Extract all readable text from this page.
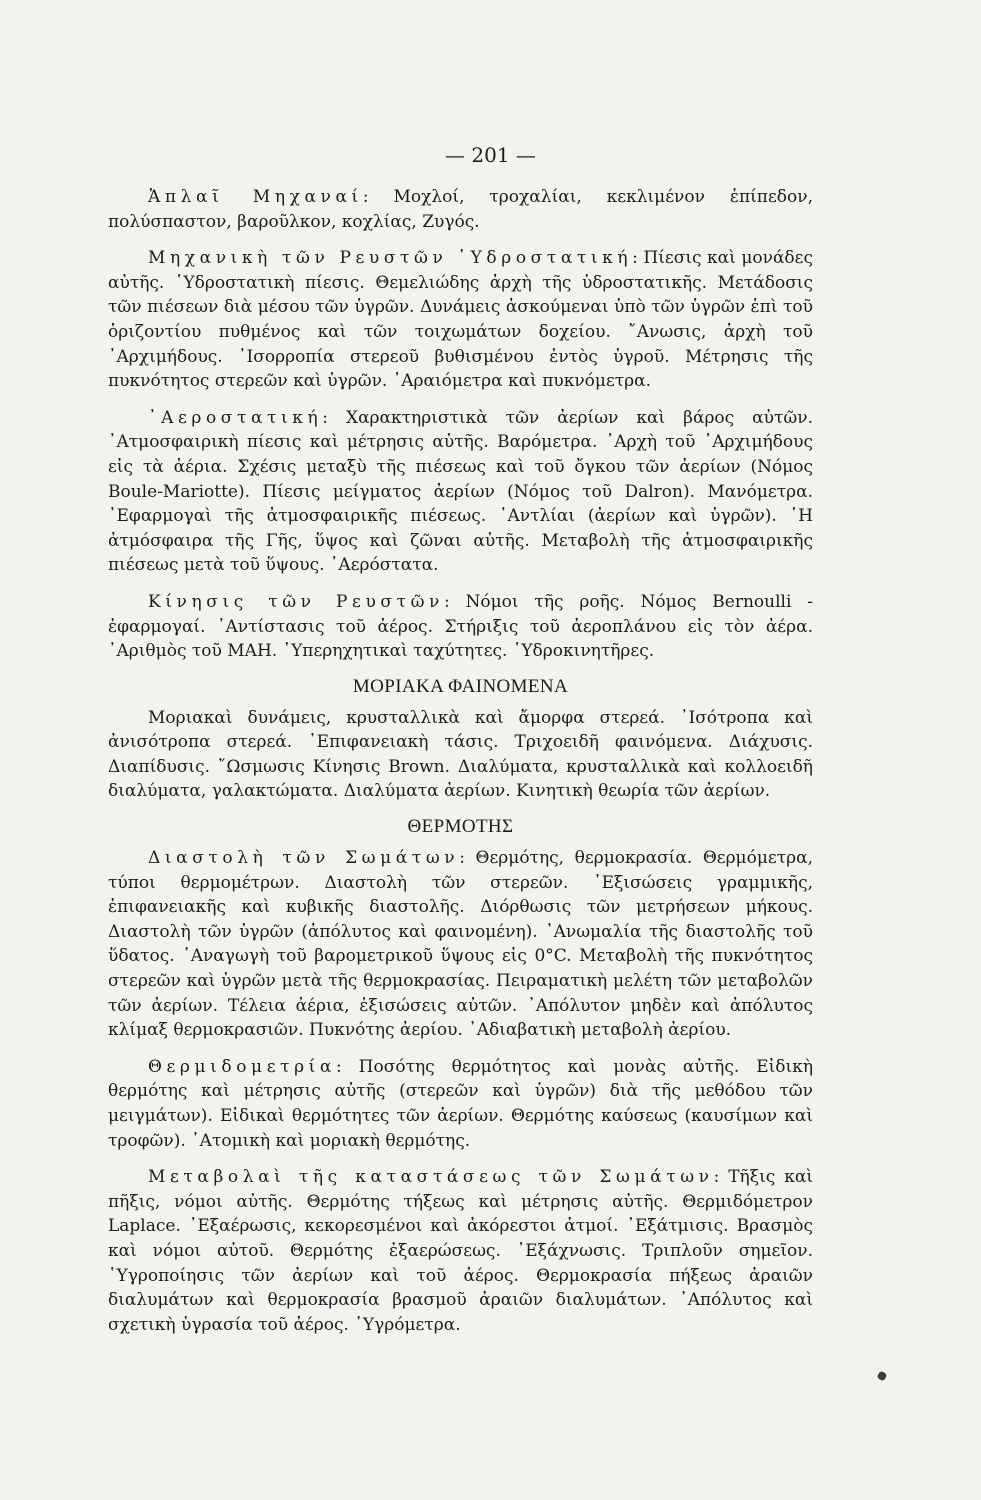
— 201 —

Ἁπλαῖ Μηχαναί: Μοχλοί, τροχαλίαι, κεκλιμένον ἐπίπεδον, πολύσπαστον, βαροῦλκον, κοχλίας, Ζυγός.

Μηχανικὴ τῶν Ρευστῶν ῾Υδροστατική: Πίεσις καὶ μονάδες αὐτῆς. ῾Υδροστατικὴ πίεσις. Θεμελιώδης ἀρχὴ τῆς ὑδροστατικῆς. Μετάδοσις τῶν πιέσεων διὰ μέσου τῶν ὑγρῶν. Δυνάμεις ἀσκούμεναι ὑπὸ τῶν ὑγρῶν ἐπὶ τοῦ ὁριζοντίου πυθμένος καὶ τῶν τοιχωμάτων δοχείου. ῎Ανωσις, ἀρχὴ τοῦ ᾿Αρχιμήδους. ᾿Ισορροπία στερεοῦ βυθισμένου ἐντὸς ὑγροῦ. Μέτρησις τῆς πυκνότητος στερεῶν καὶ ὑγρῶν. ᾿Αραιόμετρα καὶ πυκνόμετρα.

᾿Αεροστατική: Χαρακτηριστικὰ τῶν ἀερίων καὶ βάρος αὐτῶν. ᾿Ατμοσφαιρικὴ πίεσις καὶ μέτρησις αὐτῆς. Βαρόμετρα. ᾿Αρχὴ τοῦ ᾿Αρχιμήδους εἰς τὰ ἀέρια. Σχέσις μεταξὺ τῆς πιέσεως καὶ τοῦ ὄγκου τῶν ἀερίων (Νόμος Boule-Mariotte). Πίεσις μείγματος ἀερίων (Νόμος τοῦ Dalron). Μανόμετρα. ᾿Εφαρμογαὶ τῆς ἀτμοσφαιρικῆς πιέσεως. ᾿Αντλίαι (ἀερίων καὶ ὑγρῶν). ῾Η ἀτμόσφαιρα τῆς Γῆς, ὕψος καὶ ζῶναι αὐτῆς. Μεταβολὴ τῆς ἀτμοσφαιρικῆς πιέσεως μετὰ τοῦ ὕψους. ᾿Αερόστατα.

Κίνησις τῶν Ρευστῶν: Νόμοι τῆς ροῆς. Νόμος Bernoulli - ἐφαρμογαί. ᾿Αντίστασις τοῦ ἀέρος. Στήριξις τοῦ ἀεροπλάνου εἰς τὸν ἀέρα. ᾿Αριθμὸς τοῦ ΜΑΗ. ῾Υπερηχητικαὶ ταχύτητες. ῾Υδροκινητῆρες.

ΜΟΡΙΑΚΑ ΦΑΙΝΟΜΕΝΑ

Μοριακαὶ δυνάμεις, κρυσταλλικὰ καὶ ἄμορφα στερεά. ᾿Ισότροπα καὶ ἀνισότροπα στερεά. ᾿Επιφανειακὴ τάσις. Τριχοειδῆ φαινόμενα. Διάχυσις. Διαπίδυσις. ῎Ωσμωσις Κίνησις Brown. Διαλύματα, κρυσταλλικὰ καὶ κολλοειδῆ διαλύματα, γαλακτώματα. Διαλύματα ἀερίων. Κινητικὴ θεωρία τῶν ἀερίων.

ΘΕΡΜΟΤΗΣ

Διαστολὴ τῶν Σωμάτων: Θερμότης, θερμοκρασία. Θερμόμετρα, τύποι θερμομέτρων. Διαστολὴ τῶν στερεῶν. ᾿Εξισώσεις γραμμικῆς, ἐπιφανειακῆς καὶ κυβικῆς διαστολῆς. Διόρθωσις τῶν μετρήσεων μήκους. Διαστολὴ τῶν ὑγρῶν (ἀπόλυτος καὶ φαινομένη). ᾿Ανωμαλία τῆς διαστολῆς τοῦ ὕδατος. ᾿Αναγωγὴ τοῦ βαρομετρικοῦ ὕψους εἰς 0°C. Μεταβολὴ τῆς πυκνότητος στερεῶν καὶ ὑγρῶν μετὰ τῆς θερμοκρασίας. Πειραματικὴ μελέτη τῶν μεταβολῶν τῶν ἀερίων. Τέλεια ἀέρια, ἐξισώσεις αὐτῶν. ᾿Απόλυτον μηδὲν καὶ ἀπόλυτος κλίμαξ θερμοκρασιῶν. Πυκνότης ἀερίου. ᾿Αδιαβατικὴ μεταβολὴ ἀερίου.

Θερμιδομετρία: Ποσότης θερμότητος καὶ μονὰς αὐτῆς. Εἰδικὴ θερμότης καὶ μέτρησις αὐτῆς (στερεῶν καὶ ὑγρῶν) διὰ τῆς μεθόδου τῶν μειγμάτων). Εἰδικαὶ θερμότητες τῶν ἀερίων. Θερμότης καύσεως (καυσίμων καὶ τροφῶν). ᾿Ατομικὴ καὶ μοριακὴ θερμότης.

Μεταβολαὶ τῆς καταστάσεως τῶν Σωμάτων: Τῆξις καὶ πῆξις, νόμοι αὐτῆς. Θερμότης τήξεως καὶ μέτρησις αὐτῆς. Θερμιδόμετρον Laplace. ᾿Εξαέρωσις, κεκορεσμένοι καὶ ἀκόρεστοι ἀτμοί. ᾿Εξάτμισις. Βρασμὸς καὶ νόμοι αὐτοῦ. Θερμότης ἐξαερώσεως. ᾿Εξάχνωσις. Τριπλοῦν σημεῖον. ῾Υγροποίησις τῶν ἀερίων καὶ τοῦ ἀέρος. Θερμοκρασία πήξεως ἀραιῶν διαλυμάτων καὶ θερμοκρασία βρασμοῦ ἀραιῶν διαλυμάτων. ᾿Απόλυτος καὶ σχετικὴ ὑγρασία τοῦ ἀέρος. ῾Υγρόμετρα.
